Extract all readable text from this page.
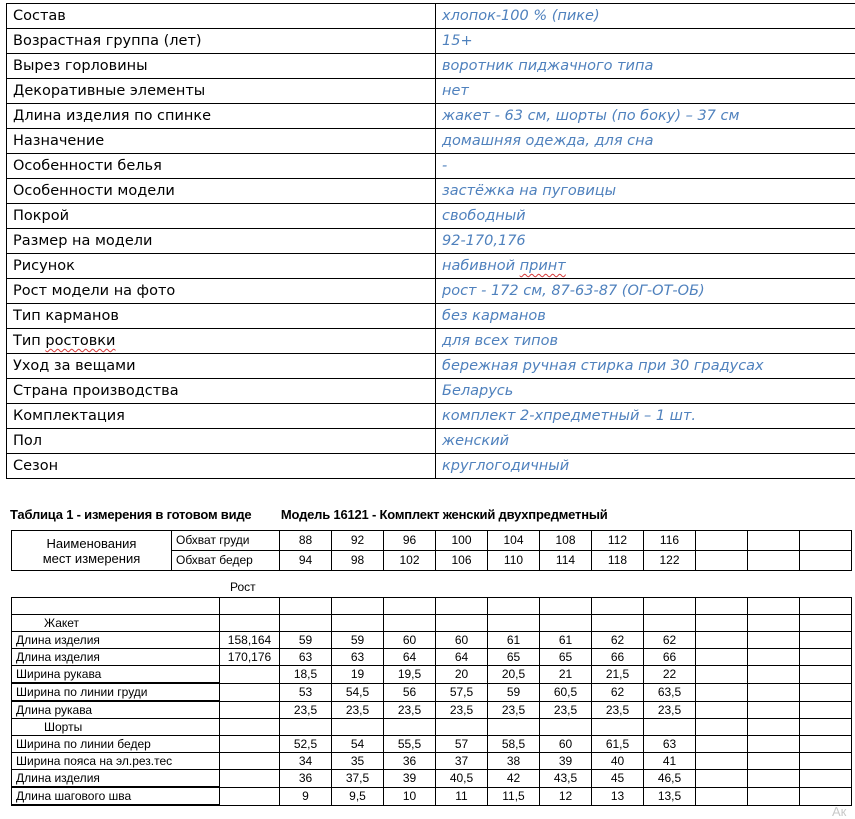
Состав	хлопок-100 % (пике)
Возрастная группа (лет)	15+
Вырез горловины	воротник пиджачного типа
Декоративные элементы	нет
Длина изделия по спинке	жакет - 63 см, шорты (по боку) – 37 см
Назначение	домашняя одежда, для сна
Особенности белья	-
Особенности модели	застёжка на пуговицы
Покрой	свободный
Размер на модели	92-170,176
Рисунок	набивной принт
Рост модели на фото	рост - 172 см, 87-63-87 (ОГ-ОТ-ОБ)
Тип карманов	без карманов
Тип ростовки	для всех типов
Уход за вещами	бережная ручная стирка при 30 градусах
Страна производства	Беларусь
Комплектация	комплект 2-хпредметный – 1 шт.
Пол	женский
Сезон	круглогодичный
Таблица 1 - измерения в готовом виде Модель 16121 - Комплект женский двухпредметный
Наименования
мест измерения	Обхват груди	88	92	96	100	104	108	112	116			
	Обхват бедер	94	98	102	106	110	114	118	122			
Рост

Жакет												
Длина изделия	158,164	59	59	60	60	61	61	62	62			
Длина изделия	170,176	63	63	64	64	65	65	66	66			
Ширина рукава		18,5	19	19,5	20	20,5	21	21,5	22			
Ширина по линии груди		53	54,5	56	57,5	59	60,5	62	63,5			
Длина рукава		23,5	23,5	23,5	23,5	23,5	23,5	23,5	23,5			
Шорты												
Ширина по линии бедер		52,5	54	55,5	57	58,5	60	61,5	63			
Ширина пояса на эл.рез.тес		34	35	36	37	38	39	40	41			
Длина изделия		36	37,5	39	40,5	42	43,5	45	46,5			
Длина шагового шва		9	9,5	10	11	11,5	12	13	13,5			
Ак
